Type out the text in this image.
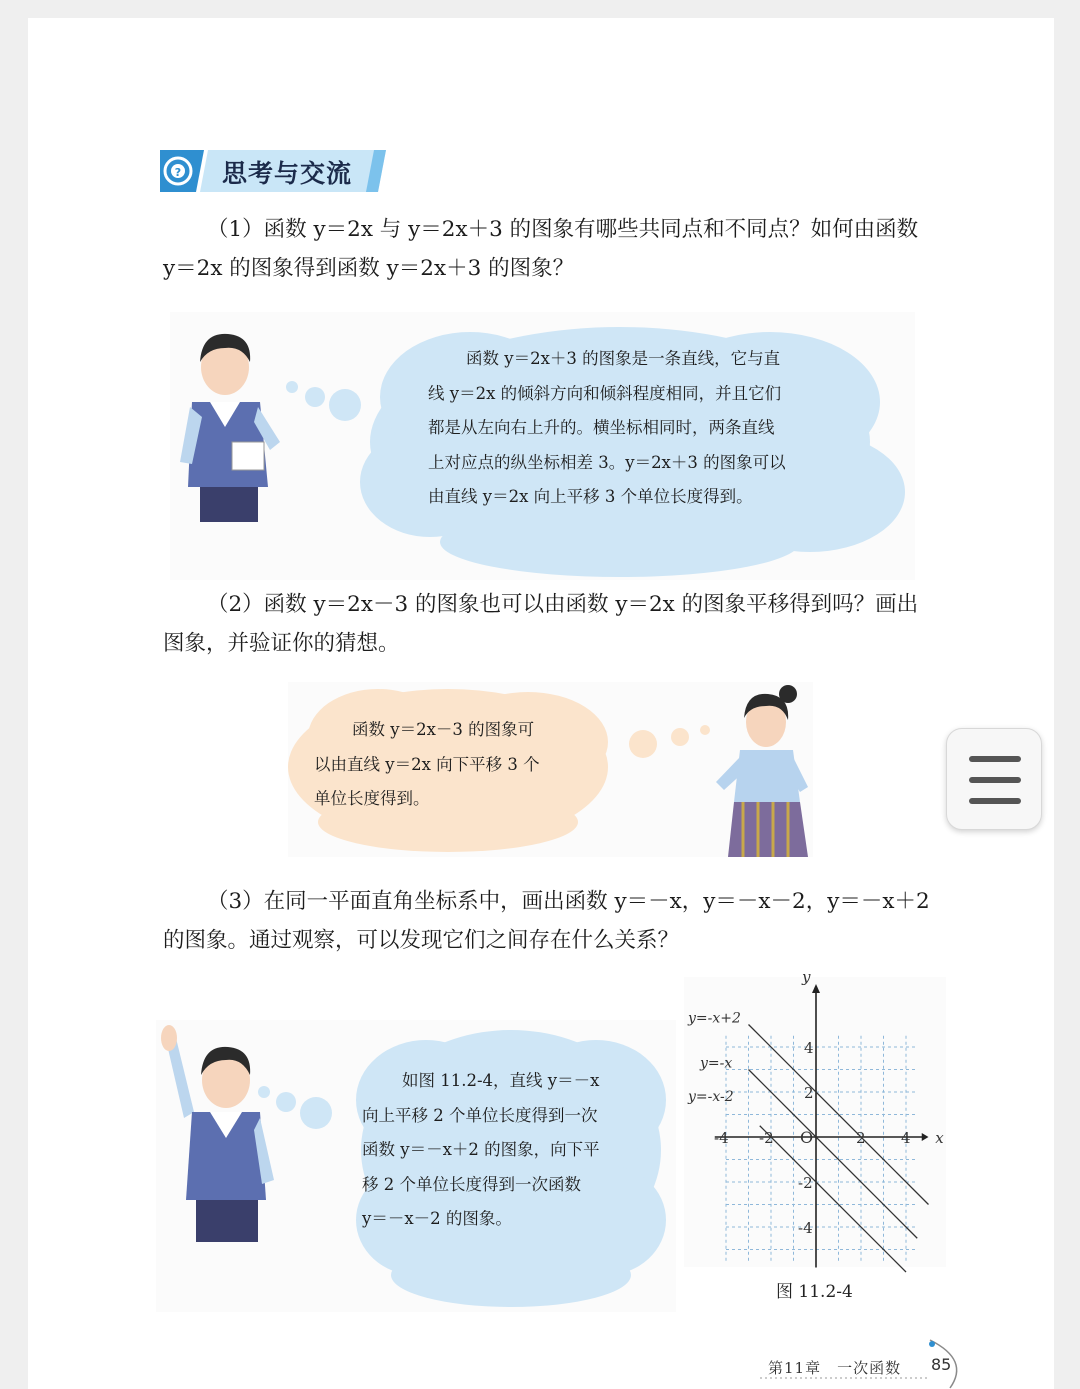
? 思考与交流
（1）函数 y＝2x 与 y＝2x＋3 的图象有哪些共同点和不同点？如何由函数
y＝2x 的图象得到函数 y＝2x＋3 的图象？
函数 y＝2x＋3 的图象是一条直线，它与直
线 y＝2x 的倾斜方向和倾斜程度相同，并且它们
都是从左向右上升的。横坐标相同时，两条直线
上对应点的纵坐标相差 3。y＝2x＋3 的图象可以
由直线 y＝2x 向上平移 3 个单位长度得到。
（2）函数 y＝2x－3 的图象也可以由函数 y＝2x 的图象平移得到吗？画出
图象，并验证你的猜想。
函数 y＝2x－3 的图象可
以由直线 y＝2x 向下平移 3 个
单位长度得到。
（3）在同一平面直角坐标系中，画出函数 y＝－x，y＝－x－2，y＝－x＋2
的图象。通过观察，可以发现它们之间存在什么关系？
如图 11.2-4，直线 y＝－x
向上平移 2 个单位长度得到一次
函数 y＝－x＋2 的图象，向下平
移 2 个单位长度得到一次函数
y＝－x－2 的图象。
-4 -2	2 4
4
2
-2
-4
O	x
y
y=-x+2
y=-x
y=-x-2
图 11.2-4
第11章　一次函数 85
